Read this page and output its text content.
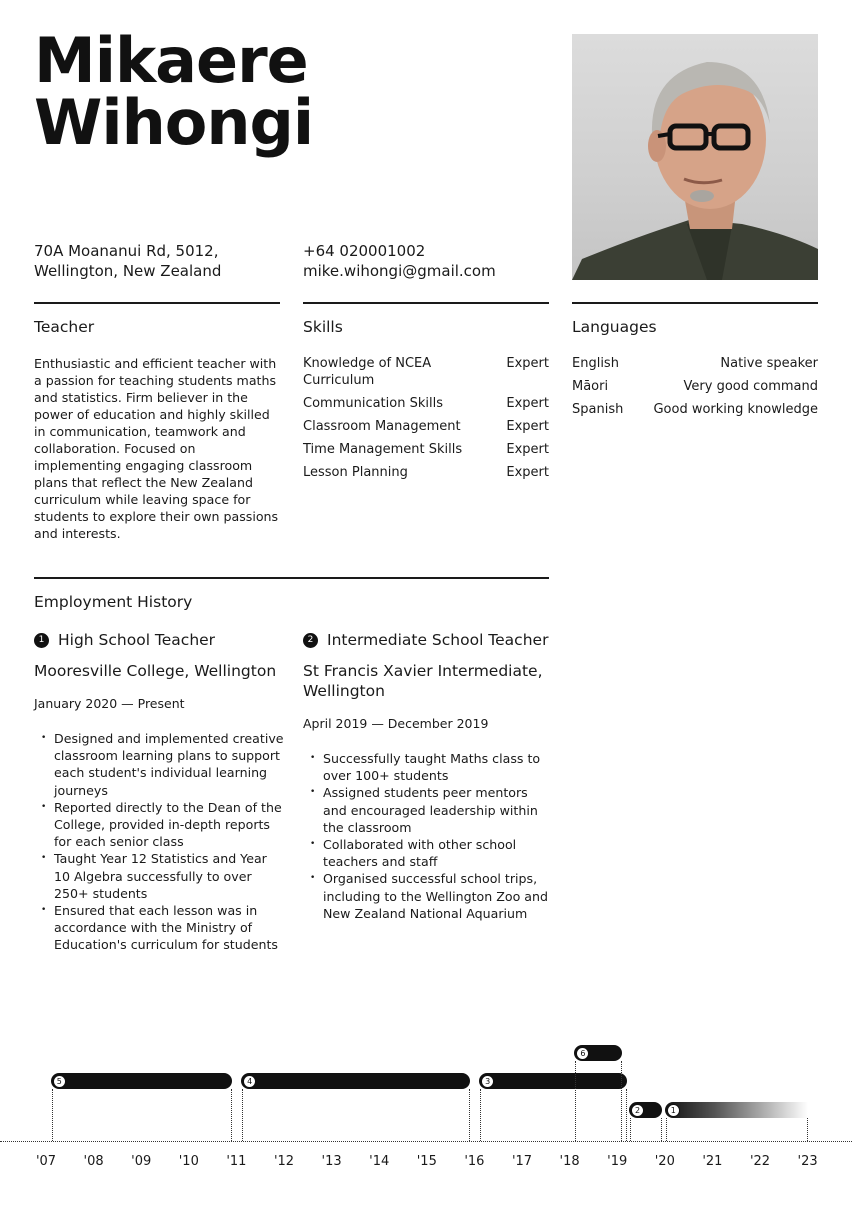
Mikaere
Wihongi
70A Moananui Rd, 5012,
Wellington, New Zealand
+64 020001002
mike.wihongi@gmail.com
Teacher
Enthusiastic and efficient teacher with a passion for teaching students maths and statistics. Firm believer in the power of education and highly skilled in communication, teamwork and collaboration. Focused on implementing engaging classroom plans that reflect the New Zealand curriculum while leaving space for students to explore their own passions and interests.
Skills
Knowledge of NCEA Curriculum
Expert
Communication Skills	Expert
Classroom Management	Expert
Time Management Skills	Expert
Lesson Planning	Expert
Languages
English	Native speaker
Māori	Very good command
Spanish Good working knowledge
Employment History
1 High School Teacher
Mooresville College, Wellington
January 2020 — Present
• Designed and implemented creative classroom learning plans to support each student's individual learning journeys
• Reported directly to the Dean of the College, provided in-depth reports for each senior class
• Taught Year 12 Statistics and Year 10 Algebra successfully to over 250+ students
• Ensured that each lesson was in accordance with the Ministry of Education's curriculum for students
2 Intermediate School Teacher
St Francis Xavier Intermediate, Wellington
April 2019 — December 2019
• Successfully taught Maths class to over 100+ students
• Assigned students peer mentors and encouraged leadership within the classroom
• Collaborated with other school teachers and staff
• Organised successful school trips, including to the Wellington Zoo and New Zealand National Aquarium
'07 '08 '09 '10 '11 '12 '13 '14 '15 '16 '17 '18 '19 '20 '21 '22 '23
5	4	3
6
2	1
